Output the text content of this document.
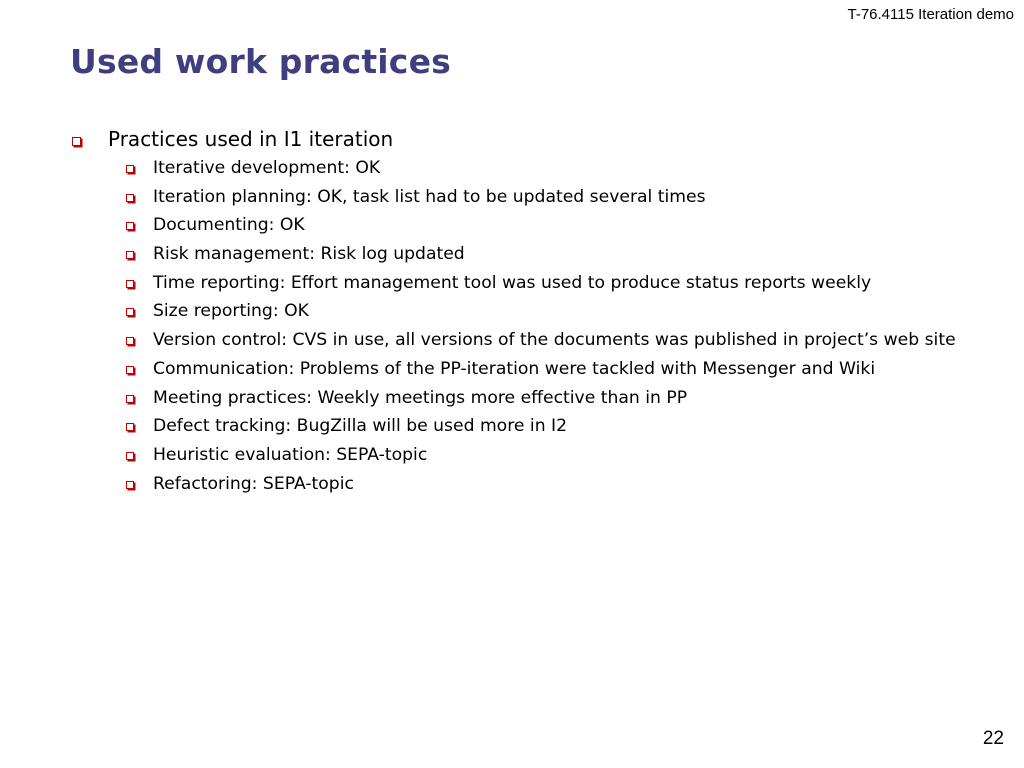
T-76.4115 Iteration demo
Used work practices
Practices used in I1 iteration
Iterative development: OK
Iteration planning: OK, task list had to be updated several times
Documenting: OK
Risk management: Risk log updated
Time reporting: Effort management tool was used to produce status reports weekly
Size reporting: OK
Version control: CVS in use, all versions of the documents was published in project’s web site
Communication: Problems of the PP-iteration were tackled with Messenger and Wiki
Meeting practices: Weekly meetings more effective than in PP
Defect tracking: BugZilla will be used more in I2
Heuristic evaluation: SEPA-topic
Refactoring: SEPA-topic
22
